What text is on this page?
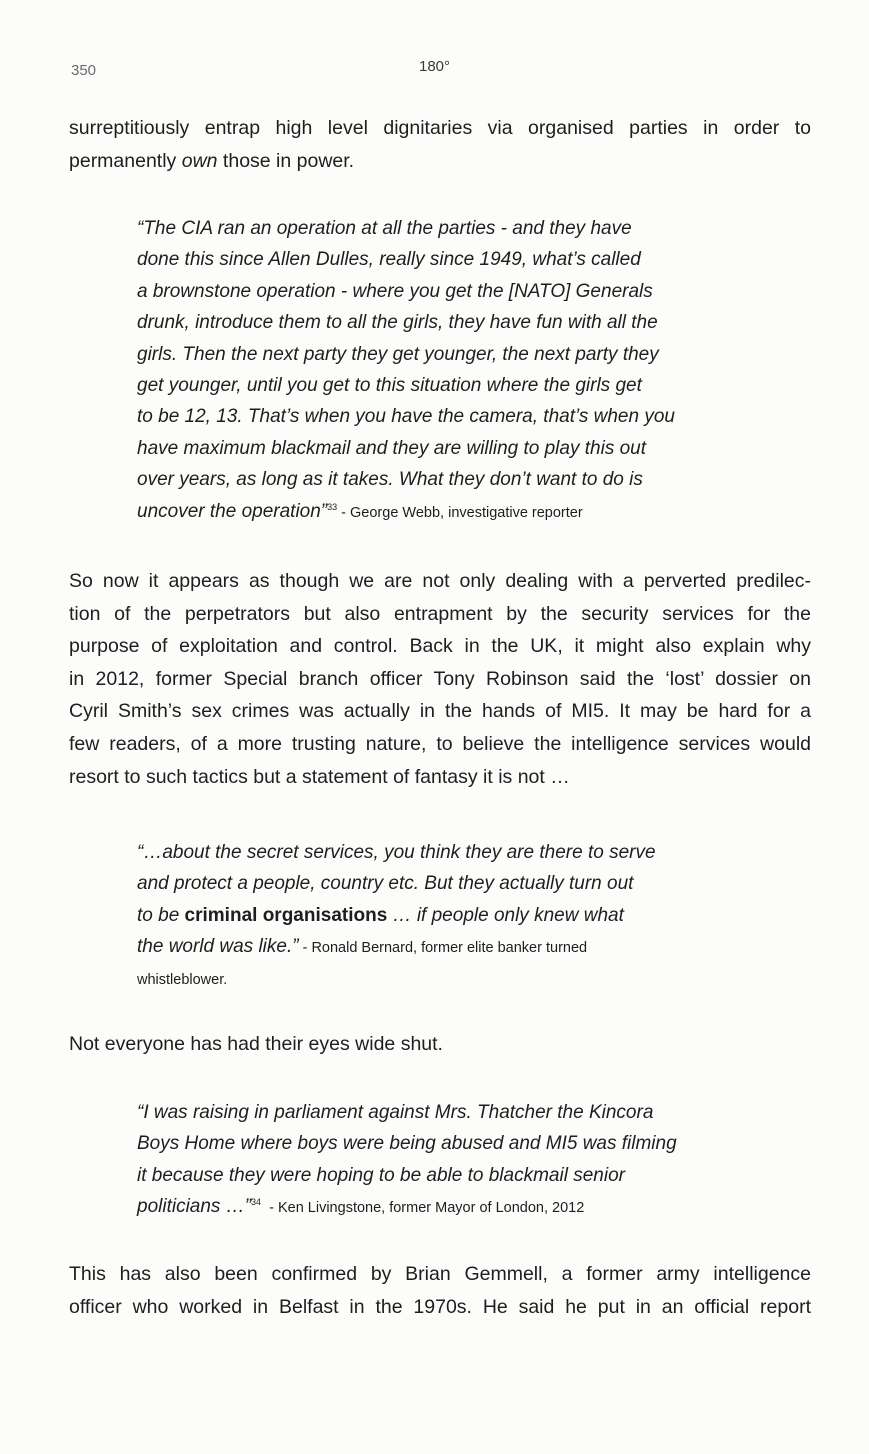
350	180°

surreptitiously entrap high level dignitaries via organised parties in order to
permanently own those in power.

“The CIA ran an operation at all the parties - and they have
done this since Allen Dulles, really since 1949, what’s called
a brownstone operation - where you get the [NATO] Generals
drunk, introduce them to all the girls, they have fun with all the
girls. Then the next party they get younger, the next party they
get younger, until you get to this situation where the girls get
to be 12, 13. That’s when you have the camera, that’s when you
have maximum blackmail and they are willing to play this out
over years, as long as it takes. What they don’t want to do is
uncover the operation”$^{33}$ - George Webb, investigative reporter
So now it appears as though we are not only dealing with a perverted predilec-
tion of the perpetrators but also entrapment by the security services for the
purpose of exploitation and control. Back in the UK, it might also explain why
in 2012, former Special branch officer Tony Robinson said the ‘lost’ dossier on
Cyril Smith’s sex crimes was actually in the hands of MI5. It may be hard for a
few readers, of a more trusting nature, to believe the intelligence services would
resort to such tactics but a statement of fantasy it is not …
“…about the secret services, you think they are there to serve
and protect a people, country etc. But they actually turn out
to be criminal organisations … if people only knew what
the world was like.” - Ronald Bernard, former elite banker turned
whistleblower.
Not everyone has had their eyes wide shut.
“I was raising in parliament against Mrs. Thatcher the Kincora
Boys Home where boys were being abused and MI5 was filming
it because they were hoping to be able to blackmail senior
politicians …”$^{34}$  - Ken Livingstone, former Mayor of London, 2012
This has also been confirmed by Brian Gemmell, a former army intelligence
officer who worked in Belfast in the 1970s. He said he put in an official report
